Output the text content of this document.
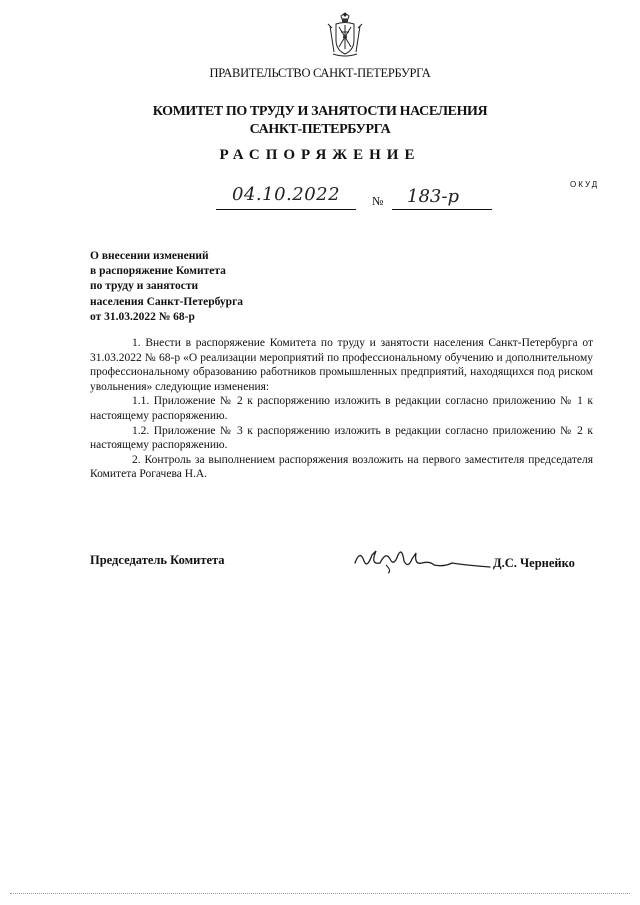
ПРАВИТЕЛЬСТВО САНКТ-ПЕТЕРБУРГА
КОМИТЕТ ПО ТРУДУ И ЗАНЯТОСТИ НАСЕЛЕНИЯ
САНКТ-ПЕТЕРБУРГА
РАСПОРЯЖЕНИЕ
ОКУД
04.10.2022	№ 183-р
О внесении изменений
в распоряжение Комитета
по труду и занятости
населения Санкт-Петербурга
от 31.03.2022 № 68-р

1. Внести в распоряжение Комитета по труду и занятости населения Санкт-Петербурга от 31.03.2022 № 68-р «О реализации мероприятий по профессиональному обучению и дополнительному профессиональному образованию работников промышленных предприятий, находящихся под риском увольнения» следующие изменения:

1.1. Приложение № 2 к распоряжению изложить в редакции согласно приложению № 1 к настоящему распоряжению.

1.2. Приложение № 3 к распоряжению изложить в редакции согласно приложению № 2 к настоящему распоряжению.

2. Контроль за выполнением распоряжения возложить на первого заместителя председателя Комитета Рогачева Н.А.

Председатель Комитета	Д.С. Чернейко
